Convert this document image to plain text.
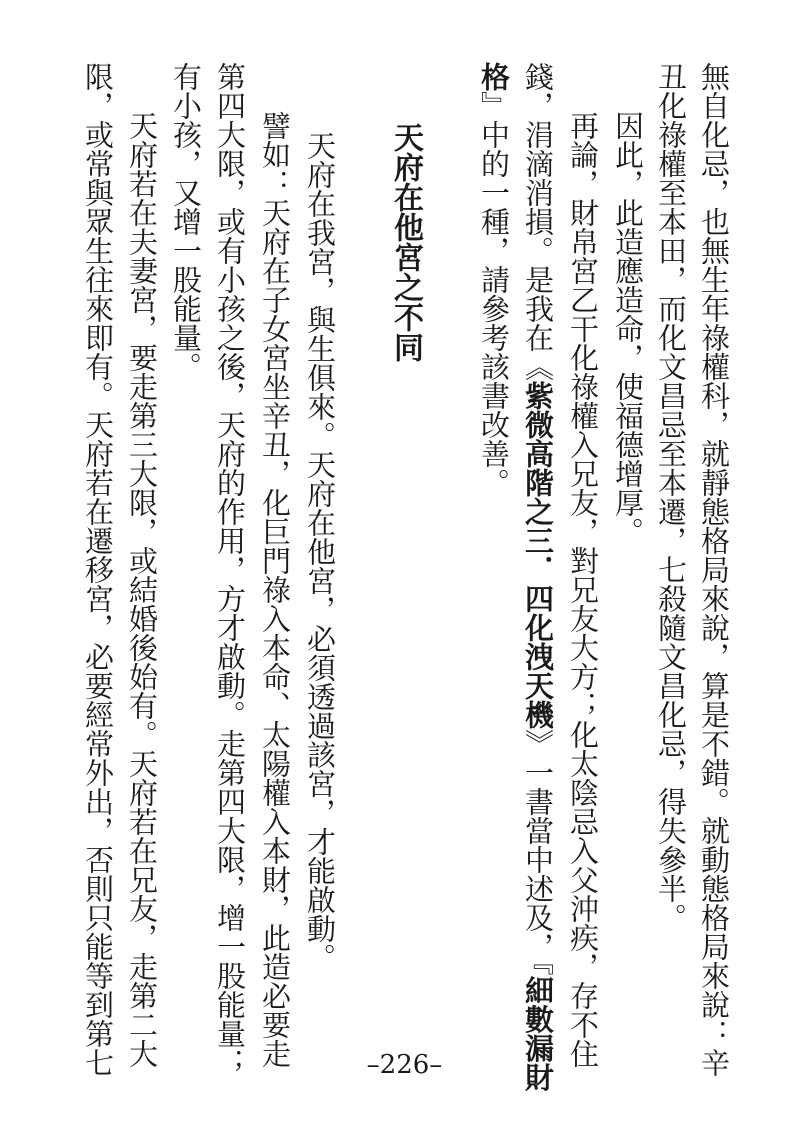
無自化忌，也無生年祿權科，就靜態格局來說，算是不錯。就動態格局來說：辛
丑化祿權至本田，而化文昌忌至本遷，七殺隨文昌化忌，得失參半。
　因此，此造應造命，使福德增厚。
　再論，財帛宮乙干化祿權入兄友，對兄友大方；化太陰忌入父沖疾，存不住
錢，涓滴消損。是我在《紫微高階之三．四化洩天機》一書當中述及，『細數漏財
格』中的一種，請參考該書改善。
天府在他宮之不同
　天府在我宮，與生俱來。天府在他宮，必須透過該宮，才能啟動。
　譬如：天府在子女宮坐辛丑，化巨門祿入本命、太陽權入本財，此造必要走
第四大限，或有小孩之後，天府的作用，方才啟動。走第四大限，增一股能量；
有小孩，又增一股能量。
　天府若在夫妻宮，要走第三大限，或結婚後始有。天府若在兄友，走第二大
限，或常與眾生往來即有。天府若在遷移宮，必要經常外出，否則只能等到第七	–226–
